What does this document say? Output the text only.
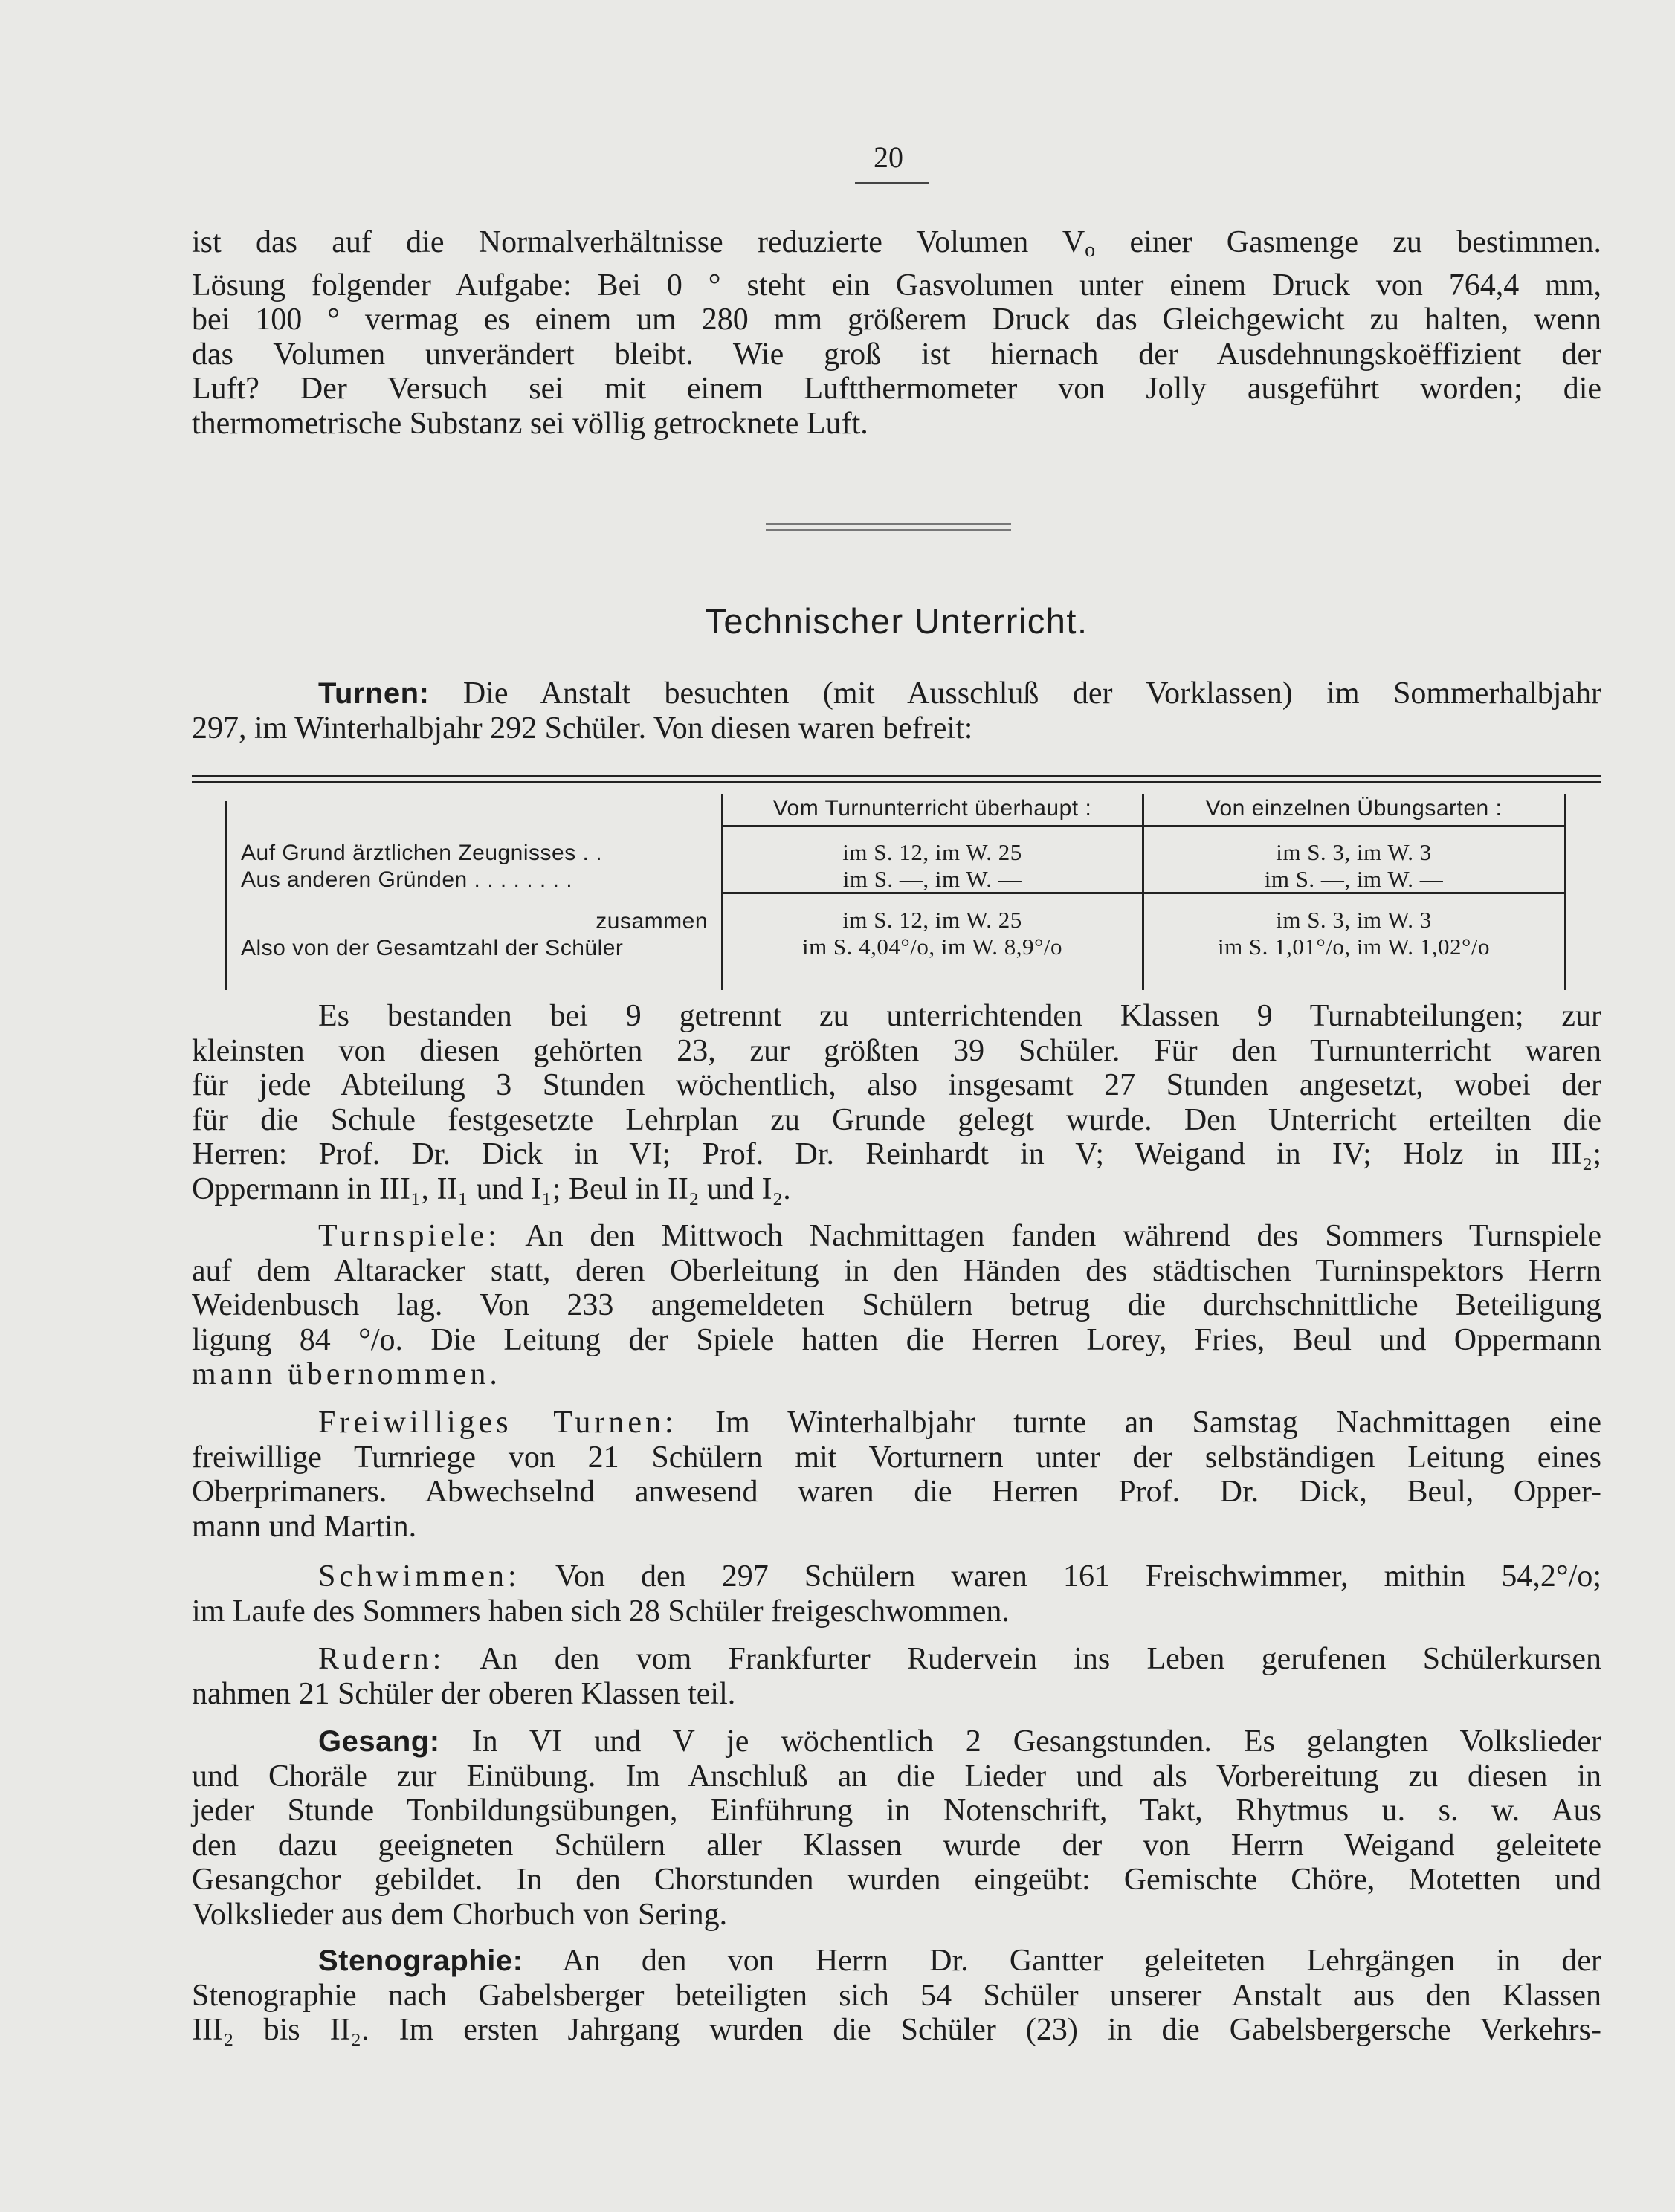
20

ist das auf die Normalverhältnisse reduzierte Volumen $V_o$ einer Gasmenge zu bestimmen.

Lösung folgender Aufgabe: Bei 0 ° steht ein Gasvolumen unter einem Druck von 764,4 mm,

bei 100 ° vermag es einem um 280 mm größerem Druck das Gleichgewicht zu halten, wenn

das Volumen unverändert bleibt. Wie groß ist hiernach der Ausdehnungskoëffizient der

Luft? Der Versuch sei mit einem Luftthermometer von Jolly ausgeführt worden; die

thermometrische Substanz sei völlig getrocknete Luft.

Technischer Unterricht.

Turnen: Die Anstalt besuchten (mit Ausschluß der Vorklassen) im Sommerhalbjahr

297, im Winterhalbjahr 292 Schüler. Von diesen waren befreit:

Vom Turnunterricht überhaupt :	Von einzelnen Übungsarten :
Auf Grund ärztlichen Zeugnisses . .	im S. 12, im W. 25	im S. 3, im W. 3
Aus anderen Gründen . . . . . . . .	im S. —, im W. —	im S. —, im W. —
zusammen	im S. 12, im W. 25	im S. 3, im W. 3
Also von der Gesamtzahl der Schüler	im S. 4,04°/o, im W. 8,9°/o	im S. 1,01°/o, im W. 1,02°/o

Es bestanden bei 9 getrennt zu unterrichtenden Klassen 9 Turnabteilungen; zur

kleinsten von diesen gehörten 23, zur größten 39 Schüler. Für den Turnunterricht waren

für jede Abteilung 3 Stunden wöchentlich, also insgesamt 27 Stunden angesetzt, wobei der

für die Schule festgesetzte Lehrplan zu Grunde gelegt wurde. Den Unterricht erteilten die

Herren: Prof. Dr. Dick in VI; Prof. Dr. Reinhardt in V; Weigand in IV; Holz in III₂;

Oppermann in III₁, II₁ und I₁; Beul in II₂ und I₂.

Turnspiele: An den Mittwoch Nachmittagen fanden während des Sommers Turnspiele

auf dem Altaracker statt, deren Oberleitung in den Händen des städtischen Turninspektors Herrn

Weidenbusch lag. Von 233 angemeldeten Schülern betrug die durchschnittliche Beteiligung

ligung 84 °/o. Die Leitung der Spiele hatten die Herren Lorey, Fries, Beul und Oppermann

mann übernommen.

Freiwilliges Turnen: Im Winterhalbjahr turnte an Samstag Nachmittagen eine

freiwillige Turnriege von 21 Schülern mit Vorturnern unter der selbständigen Leitung eines

Oberprimaners. Abwechselnd anwesend waren die Herren Prof. Dr. Dick, Beul, Opper-

mann und Martin.

Schwimmen: Von den 297 Schülern waren 161 Freischwimmer, mithin 54,2°/o;

im Laufe des Sommers haben sich 28 Schüler freigeschwommen.

Rudern: An den vom Frankfurter Rudervein ins Leben gerufenen Schülerkursen

nahmen 21 Schüler der oberen Klassen teil.

Gesang: In VI und V je wöchentlich 2 Gesangstunden. Es gelangten Volkslieder

und Choräle zur Einübung. Im Anschluß an die Lieder und als Vorbereitung zu diesen in

jeder Stunde Tonbildungsübungen, Einführung in Notenschrift, Takt, Rhytmus u. s. w. Aus

den dazu geeigneten Schülern aller Klassen wurde der von Herrn Weigand geleitete

Gesangchor gebildet. In den Chorstunden wurden eingeübt: Gemischte Chöre, Motetten und

Volkslieder aus dem Chorbuch von Sering.

Stenographie: An den von Herrn Dr. Gantter geleiteten Lehrgängen in der

Stenographie nach Gabelsberger beteiligten sich 54 Schüler unserer Anstalt aus den Klassen

III₂ bis II₂. Im ersten Jahrgang wurden die Schüler (23) in die Gabelsbergersche Verkehrs-
